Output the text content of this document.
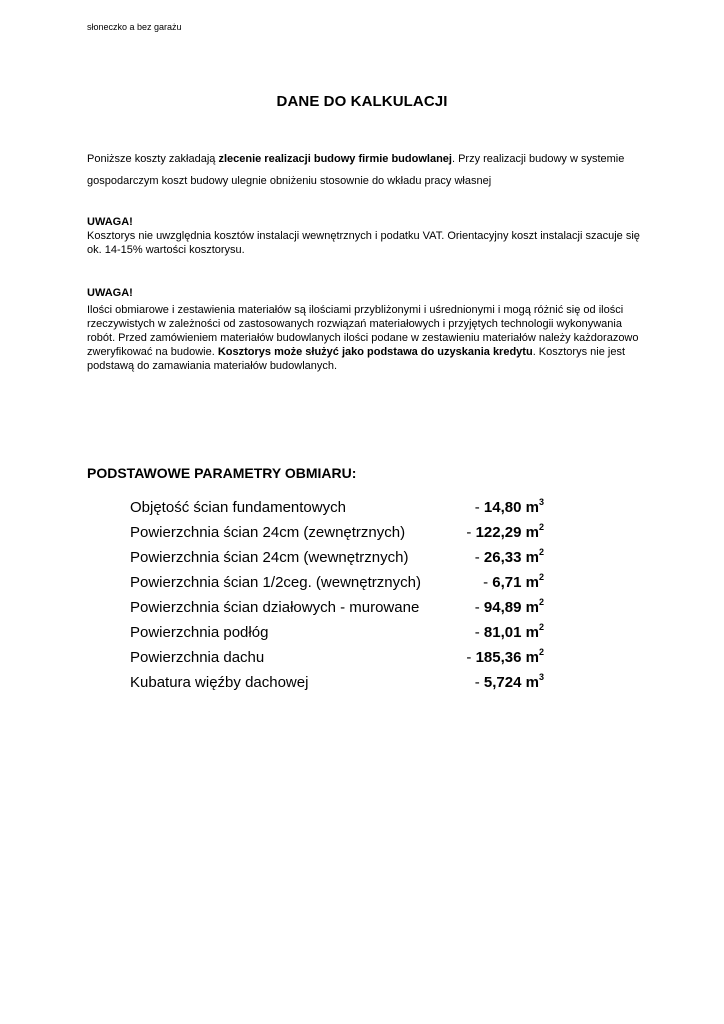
słoneczko a bez garażu
DANE DO KALKULACJI
Poniższe koszty zakładają zlecenie realizacji budowy firmie budowlanej. Przy realizacji budowy w systemie gospodarczym koszt budowy ulegnie obniżeniu stosownie do wkładu pracy własnej
UWAGA!
Kosztorys nie uwzględnia kosztów instalacji wewnętrznych i podatku VAT. Orientacyjny koszt instalacji szacuje się ok. 14-15% wartości kosztorysu.
UWAGA!
Ilości obmiarowe i zestawienia materiałów są ilościami przybliżonymi i uśrednionymi i mogą różnić się od ilości rzeczywistych w zależności od zastosowanych rozwiązań materiałowych i przyjętych technologii wykonywania robót. Przed zamówieniem materiałów budowlanych ilości podane w zestawieniu materiałów należy każdorazowo zweryfikować na budowie. Kosztorys może służyć jako podstawa do uzyskania kredytu. Kosztorys nie jest podstawą do zamawiania materiałów budowlanych.
PODSTAWOWE PARAMETRY OBMIARU:
Objętość ścian fundamentowych	- 14,80 $m^3$
Powierzchnia ścian 24cm (zewnętrznych)	- 122,29 $m^2$
Powierzchnia ścian 24cm (wewnętrznych)	- 26,33 $m^2$
Powierzchnia ścian 1/2ceg. (wewnętrznych)	- 6,71 $m^2$
Powierzchnia ścian działowych - murowane	- 94,89 $m^2$
Powierzchnia podłóg	- 81,01 $m^2$
Powierzchnia dachu	- 185,36 $m^2$
Kubatura więźby dachowej	- 5,724 $m^3$
